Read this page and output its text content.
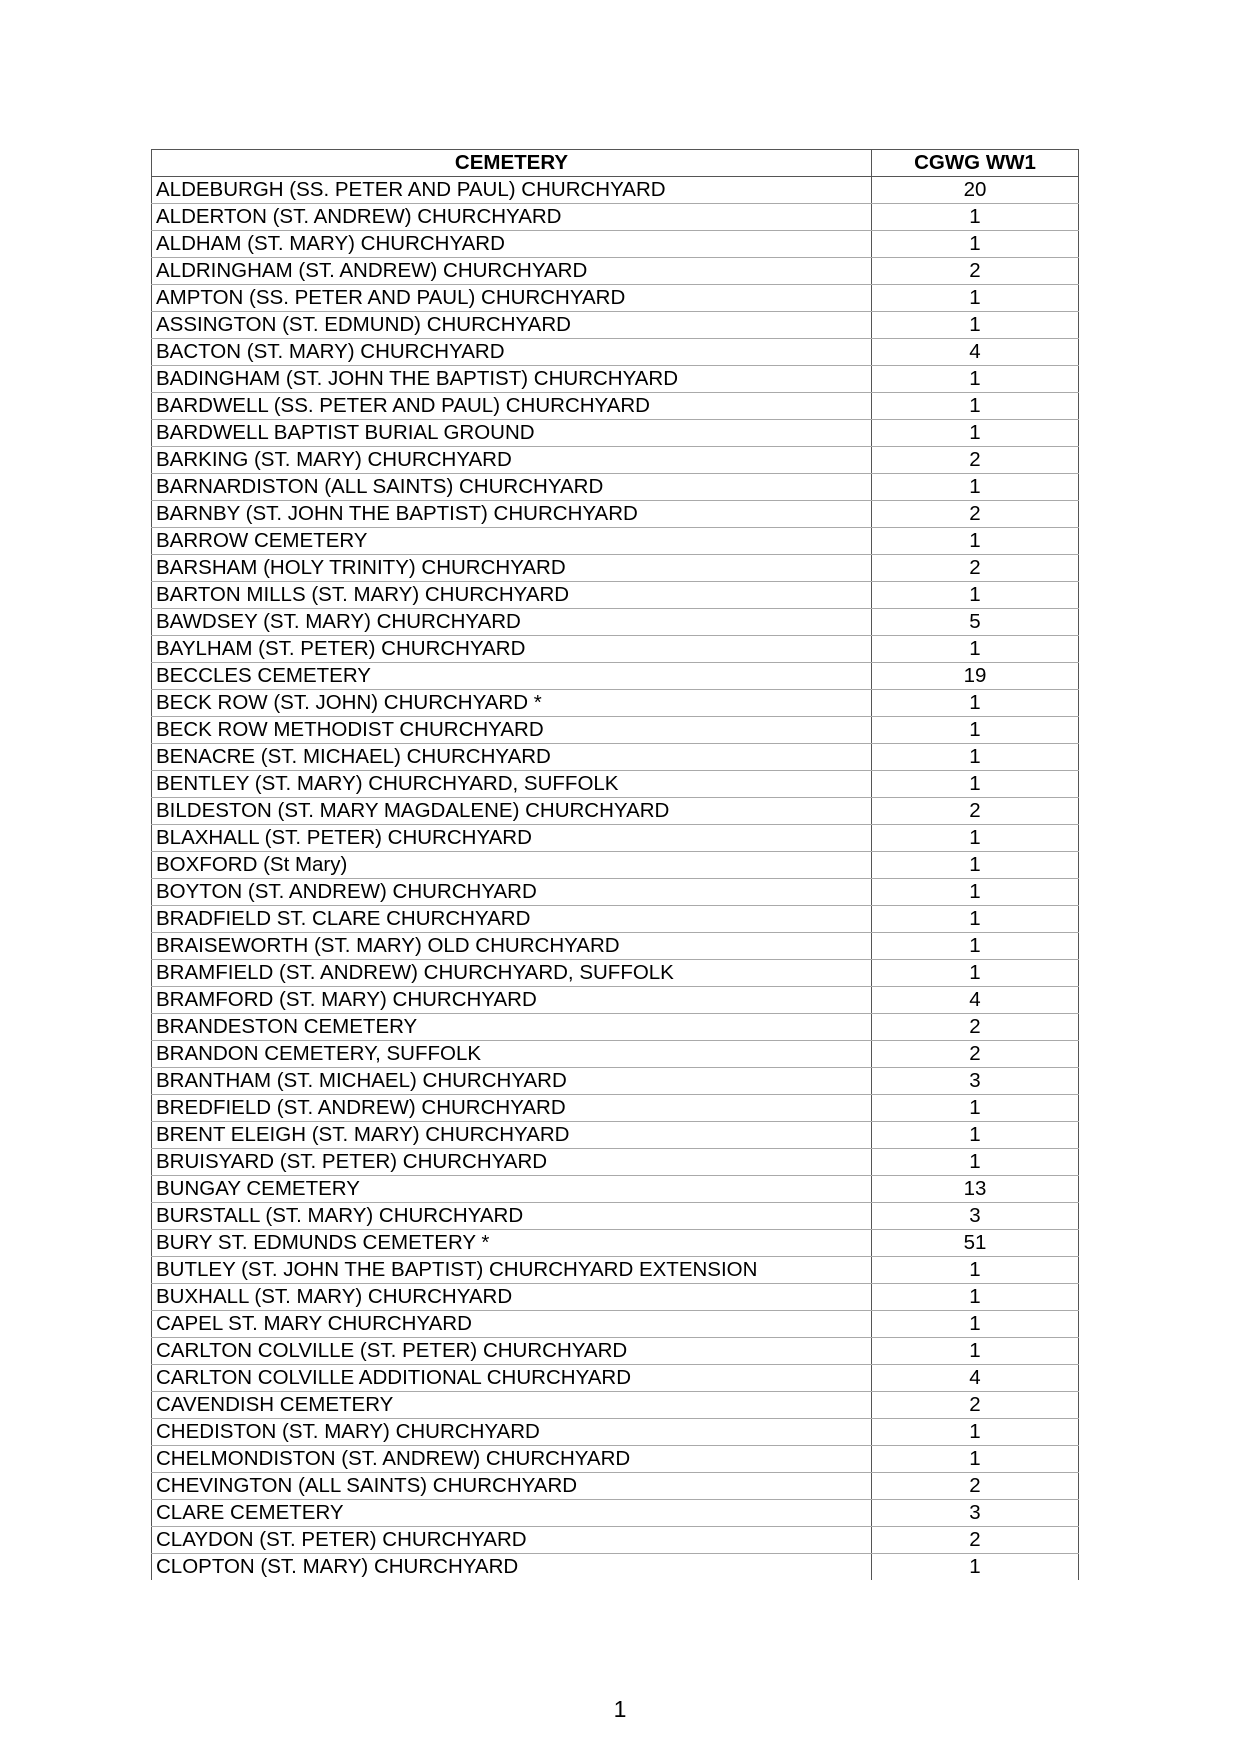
CEMETERY	CGWG WW1
ALDEBURGH (SS. PETER AND PAUL) CHURCHYARD	20
ALDERTON (ST. ANDREW) CHURCHYARD	1
ALDHAM (ST. MARY) CHURCHYARD	1
ALDRINGHAM (ST. ANDREW) CHURCHYARD	2
AMPTON (SS. PETER AND PAUL) CHURCHYARD	1
ASSINGTON (ST. EDMUND) CHURCHYARD	1
BACTON (ST. MARY) CHURCHYARD	4
BADINGHAM (ST. JOHN THE BAPTIST) CHURCHYARD	1
BARDWELL (SS. PETER AND PAUL) CHURCHYARD	1
BARDWELL BAPTIST BURIAL GROUND	1
BARKING (ST. MARY) CHURCHYARD	2
BARNARDISTON (ALL SAINTS) CHURCHYARD	1
BARNBY (ST. JOHN THE BAPTIST) CHURCHYARD	2
BARROW CEMETERY	1
BARSHAM (HOLY TRINITY) CHURCHYARD	2
BARTON MILLS (ST. MARY) CHURCHYARD	1
BAWDSEY (ST. MARY) CHURCHYARD	5
BAYLHAM (ST. PETER) CHURCHYARD	1
BECCLES CEMETERY	19
BECK ROW (ST. JOHN) CHURCHYARD *	1
BECK ROW METHODIST CHURCHYARD	1
BENACRE (ST. MICHAEL) CHURCHYARD	1
BENTLEY (ST. MARY) CHURCHYARD, SUFFOLK	1
BILDESTON (ST. MARY MAGDALENE) CHURCHYARD	2
BLAXHALL (ST. PETER) CHURCHYARD	1
BOXFORD (St Mary)	1
BOYTON (ST. ANDREW) CHURCHYARD	1
BRADFIELD ST. CLARE CHURCHYARD	1
BRAISEWORTH (ST. MARY) OLD CHURCHYARD	1
BRAMFIELD (ST. ANDREW) CHURCHYARD, SUFFOLK	1
BRAMFORD (ST. MARY) CHURCHYARD	4
BRANDESTON CEMETERY	2
BRANDON CEMETERY, SUFFOLK	2
BRANTHAM (ST. MICHAEL) CHURCHYARD	3
BREDFIELD (ST. ANDREW) CHURCHYARD	1
BRENT ELEIGH (ST. MARY) CHURCHYARD	1
BRUISYARD (ST. PETER) CHURCHYARD	1
BUNGAY CEMETERY	13
BURSTALL (ST. MARY) CHURCHYARD	3
BURY ST. EDMUNDS CEMETERY *	51
BUTLEY (ST. JOHN THE BAPTIST) CHURCHYARD EXTENSION	1
BUXHALL (ST. MARY) CHURCHYARD	1
CAPEL ST. MARY CHURCHYARD	1
CARLTON COLVILLE (ST. PETER) CHURCHYARD	1
CARLTON COLVILLE ADDITIONAL CHURCHYARD	4
CAVENDISH CEMETERY	2
CHEDISTON (ST. MARY) CHURCHYARD	1
CHELMONDISTON (ST. ANDREW) CHURCHYARD	1
CHEVINGTON (ALL SAINTS) CHURCHYARD	2
CLARE CEMETERY	3
CLAYDON (ST. PETER) CHURCHYARD	2
CLOPTON (ST. MARY) CHURCHYARD	1
1
